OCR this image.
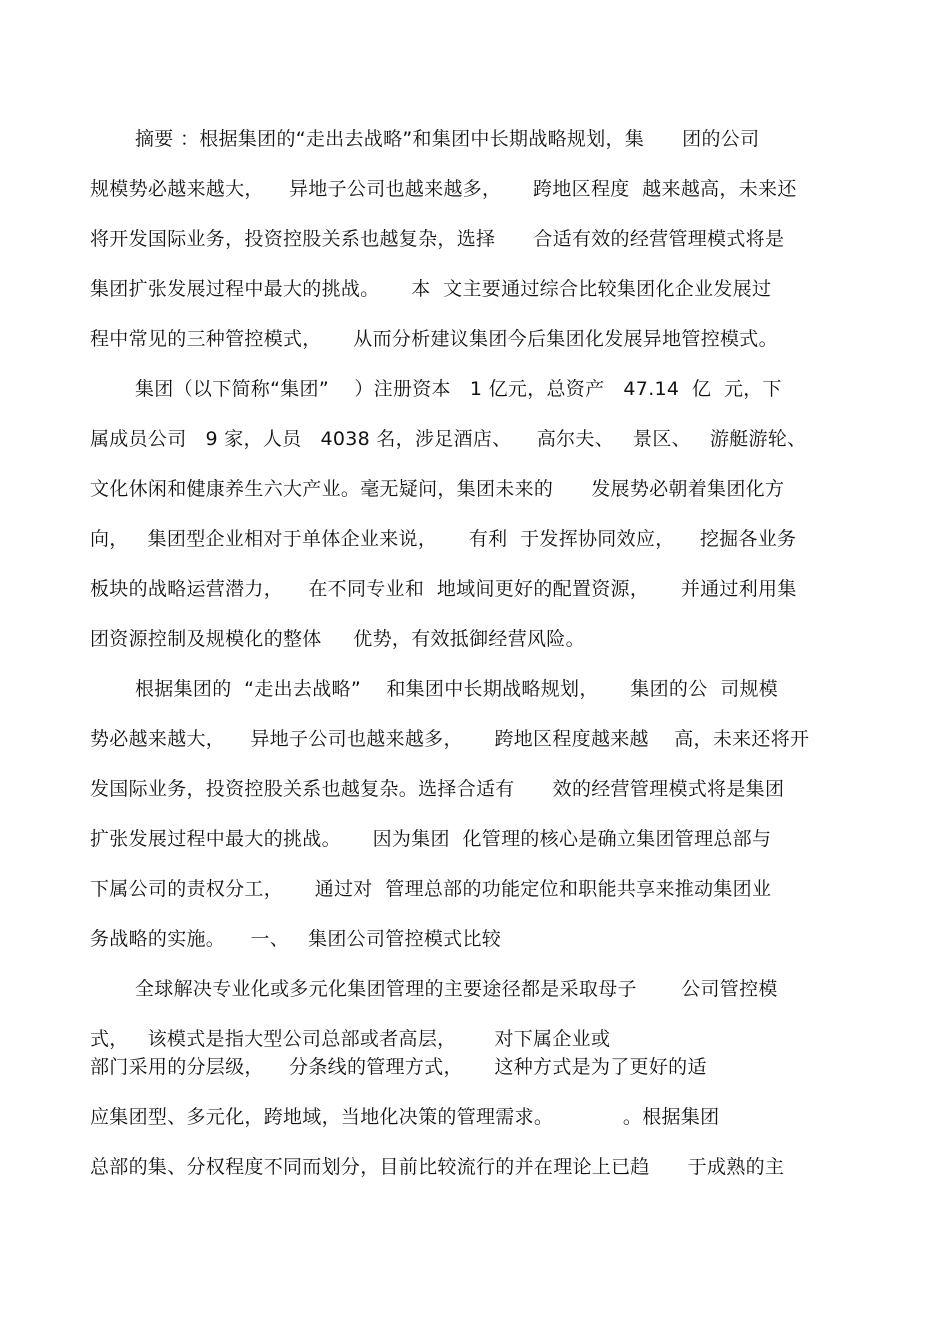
摘要 ：根据集团的“走出去战略”和集团中长期战略规划，集      团的公司
规模势必越来越大，    异地子公司也越来越多，     跨地区程度  越来越高，未来还
将开发国际业务，投资控股关系也越复杂，选择      合适有效的经营管理模式将是
集团扩张发展过程中最大的挑战。     本  文主要通过综合比较集团化企业发展过
程中常见的三种管控模式，     从而分析建议集团今后集团化发展异地管控模式。
集团（以下简称“集团”    ）注册资本   1 亿元，总资产   47.14  亿  元，下
属成员公司   9 家，人员   4038 名，涉足酒店、    高尔夫、   景区、   游艇游轮、
文化休闲和健康养生六大产业。毫无疑问，集团未来的      发展势必朝着集团化方
向，   集团型企业相对于单体企业来说，     有利  于发挥协同效应，    挖掘各业务
板块的战略运营潜力，    在不同专业和  地域间更好的配置资源，     并通过利用集
团资源控制及规模化的整体     优势，有效抵御经营风险。
根据集团的  “走出去战略”    和集团中长期战略规划，     集团的公  司规模
势必越来越大，    异地子公司也越来越多，     跨地区程度越来越    高，未来还将开
发国际业务，投资控股关系也越复杂。选择合适有      效的经营管理模式将是集团
扩张发展过程中最大的挑战。     因为集团  化管理的核心是确立集团管理总部与
下属公司的责权分工，     通过对  管理总部的功能定位和职能共享来推动集团业
务战略的实施。    一、   集团公司管控模式比较
全球解决专业化或多元化集团管理的主要途径都是采取母子       公司管控模
式，   该模式是指大型公司总部或者高层，      对下属企业或
部门采用的分层级，    分条线的管理方式，     这种方式是为了更好的适
应集团型、多元化，跨地域，当地化决策的管理需求。           。根据集团
总部的集、分权程度不同而划分，目前比较流行的并在理论上已趋      于成熟的主
